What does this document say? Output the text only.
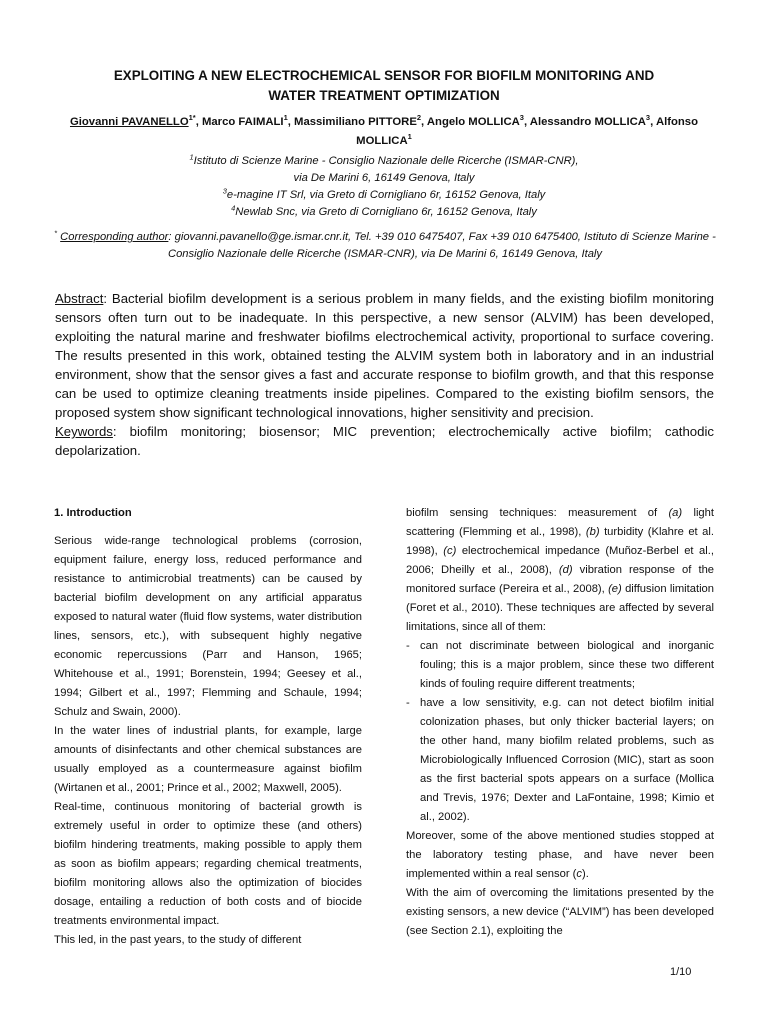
EXPLOITING A NEW ELECTROCHEMICAL SENSOR FOR BIOFILM MONITORING AND
WATER TREATMENT OPTIMIZATION
Giovanni $PAVANELLO^{1*}$, Marco FAIMALI$^1$, Massimiliano PITTORE$^2$, Angelo MOLLICA$^3$, Alessandro MOLLICA$^3$, Alfonso MOLLICA$^1$
$^1$Istituto di Scienze Marine - Consiglio Nazionale delle Ricerche (ISMAR-CNR),
via De Marini 6, 16149 Genova, Italy
$^3$e-magine IT Srl, via Greto di Cornigliano 6r, 16152 Genova, Italy
$^4$Newlab Snc, via Greto di Cornigliano 6r, 16152 Genova, Italy
* Corresponding author: giovanni.pavanello@ge.ismar.cnr.it, Tel. +39 010 6475407, Fax +39 010 6475400, Istituto di Scienze Marine - Consiglio Nazionale delle Ricerche (ISMAR-CNR), via De Marini 6, 16149 Genova, Italy

Abstract: Bacterial biofilm development is a serious problem in many fields, and the existing biofilm monitoring sensors often turn out to be inadequate. In this perspective, a new sensor (ALVIM) has been developed, exploiting the natural marine and freshwater biofilms electrochemical activity, proportional to surface covering. The results presented in this work, obtained testing the ALVIM system both in laboratory and in an industrial environment, show that the sensor gives a fast and accurate response to biofilm growth, and that this response can be used to optimize cleaning treatments inside pipelines. Compared to the existing biofilm sensors, the proposed system show significant technological innovations, higher sensitivity and precision.

Keywords: biofilm monitoring; biosensor; MIC prevention; electrochemically active biofilm; cathodic depolarization.

1. Introduction

Serious wide-range technological problems (corrosion, equipment failure, energy loss, reduced performance and resistance to antimicrobial treatments) can be caused by bacterial biofilm development on any artificial apparatus exposed to natural water (fluid flow systems, water distribution lines, sensors, etc.), with subsequent highly negative economic repercussions (Parr and Hanson, 1965; Whitehouse et al., 1991; Borenstein, 1994; Geesey et al., 1994; Gilbert et al., 1997; Flemming and Schaule, 1994; Schulz and Swain, 2000).

In the water lines of industrial plants, for example, large amounts of disinfectants and other chemical substances are usually employed as a countermeasure against biofilm (Wirtanen et al., 2001; Prince et al., 2002; Maxwell, 2005).

Real-time, continuous monitoring of bacterial growth is extremely useful in order to optimize these (and others) biofilm hindering treatments, making possible to apply them as soon as biofilm appears; regarding chemical treatments, biofilm monitoring allows also the optimization of biocides dosage, entailing a reduction of both costs and of biocide treatments environmental impact.

This led, in the past years, to the study of different

biofilm sensing techniques: measurement of (a) light scattering (Flemming et al., 1998), (b) turbidity (Klahre et al. 1998), (c) electrochemical impedance (Muñoz-Berbel et al., 2006; Dheilly et al., 2008), (d) vibration response of the monitored surface (Pereira et al., 2008), (e) diffusion limitation (Foret et al., 2010). These techniques are affected by several limitations, since all of them:

- can not discriminate between biological and inorganic fouling; this is a major problem, since these two different kinds of fouling require different treatments;
- have a low sensitivity, e.g. can not detect biofilm initial colonization phases, but only thicker bacterial layers; on the other hand, many biofilm related problems, such as Microbiologically Influenced Corrosion (MIC), start as soon as the first bacterial spots appears on a surface (Mollica and Trevis, 1976; Dexter and LaFontaine, 1998; Kimio et al., 2002).

Moreover, some of the above mentioned studies stopped at the laboratory testing phase, and have never been implemented within a real sensor (c).

With the aim of overcoming the limitations presented by the existing sensors, a new device (“ALVIM”) has been developed (see Section 2.1), exploiting the

1/10
